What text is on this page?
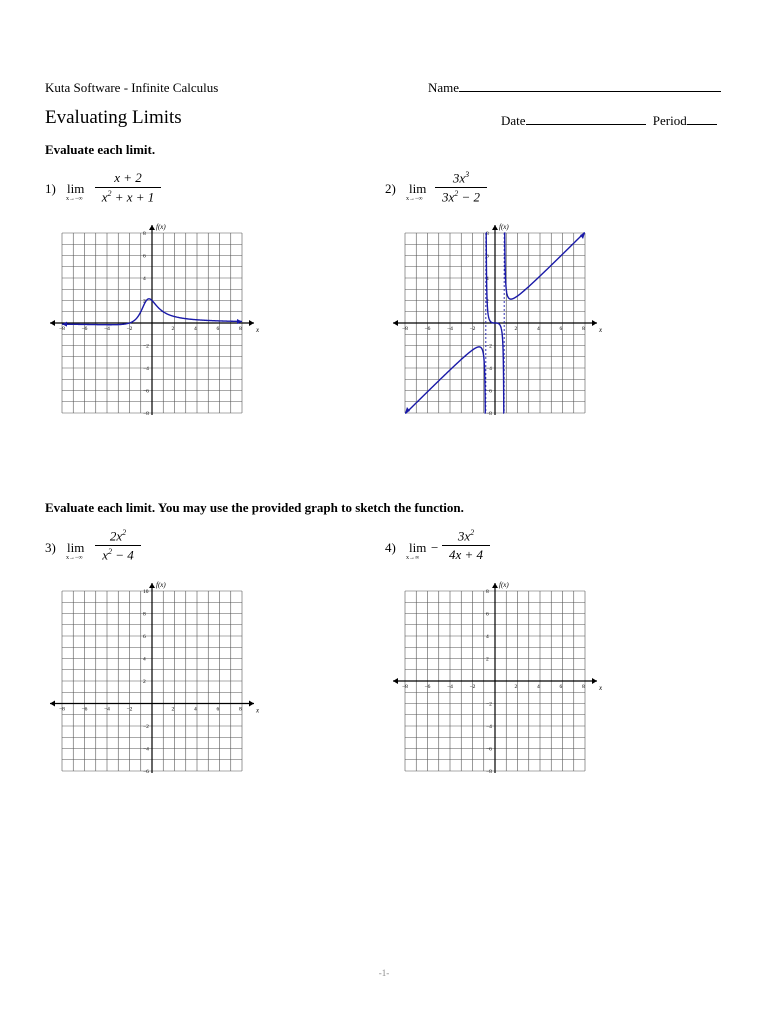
Kuta Software - Infinite Calculus	Name
Evaluating Limits	Date	Period
Evaluate each limit.
1) lim
x→−∞
x + 2
$x^2 + x + 1$
2) lim
x→−∞
$3x^3$
$3x^2 - 2$
Evaluate each limit. You may use the provided graph to sketch the function.
3) lim
x→−∞
$2x^2$
$x^2 - 4$
4) lim
x→∞
−
$3x^2$
4x + 4
x
f(x)
−8	−6	−4	−2	2	4	6	8
8
6
4
2
−2
−4
−6
−8
x
f(x)
−8	−6	−4	−2	2	4	6	8
8
6
4
2
−2
−4
−6
−8
x
f(x)
−8	−6	−4	−2	2	4	6	8
10
8
6
4
2
−2
−4
−6
x
f(x)
−8	−6	−4	−2	2	4	6	8
8
6
4
2
−2
−4
−6
−8
-1-
